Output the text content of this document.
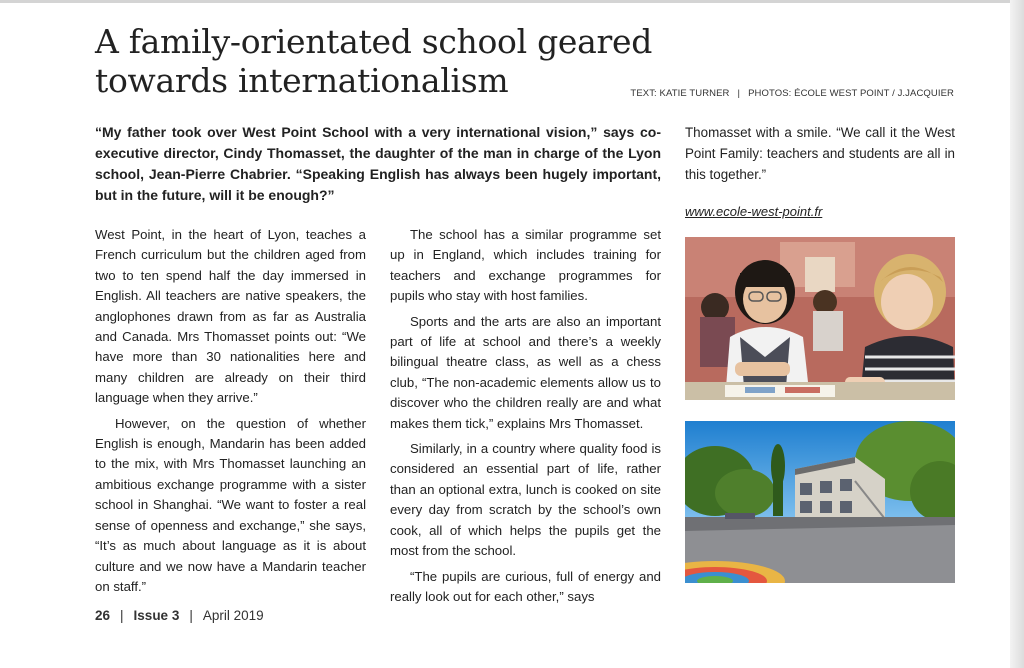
A family-orientated school geared
towards internationalism	TEXT: KATIE TURNER | PHOTOS: ÉCOLE WEST POINT / J.JACQUIER

“My father took over West Point School with a very international vision,” says co-executive director, Cindy Thomasset, the daughter of the man in charge of the Lyon school, Jean-Pierre Chabrier. “Speaking English has always been hugely important, but in the future, will it be enough?”

West Point, in the heart of Lyon, teaches a French curriculum but the children aged from two to ten spend half the day immersed in English. All teachers are native speakers, the anglophones drawn from as far as Australia and Canada. Mrs Thomasset points out: “We have more than 30 nationalities here and many children are already on their third language when they arrive.”

However, on the question of whether English is enough, Mandarin has been added to the mix, with Mrs Thomasset launching an ambitious exchange programme with a sister school in Shanghai. “We want to foster a real sense of openness and exchange,” she says, “It’s as much about language as it is about culture and we now have a Mandarin teacher on staff.”

The school has a similar programme set up in England, which includes training for teachers and exchange programmes for pupils who stay with host families.

Sports and the arts are also an important part of life at school and there’s a weekly bilingual theatre class, as well as a chess club, “The non-academic elements allow us to discover who the children really are and what makes them tick,” explains Mrs Thomasset.

Similarly, in a country where quality food is considered an essential part of life, rather than an optional extra, lunch is cooked on site every day from scratch by the school’s own cook, all of which helps the pupils get the most from the school.

“The pupils are curious, full of energy and really look out for each other,” says

Thomasset with a smile. “We call it the West Point Family: teachers and students are all in this together.”

www.ecole-west-point.fr
26 | Issue 3 | April 2019
